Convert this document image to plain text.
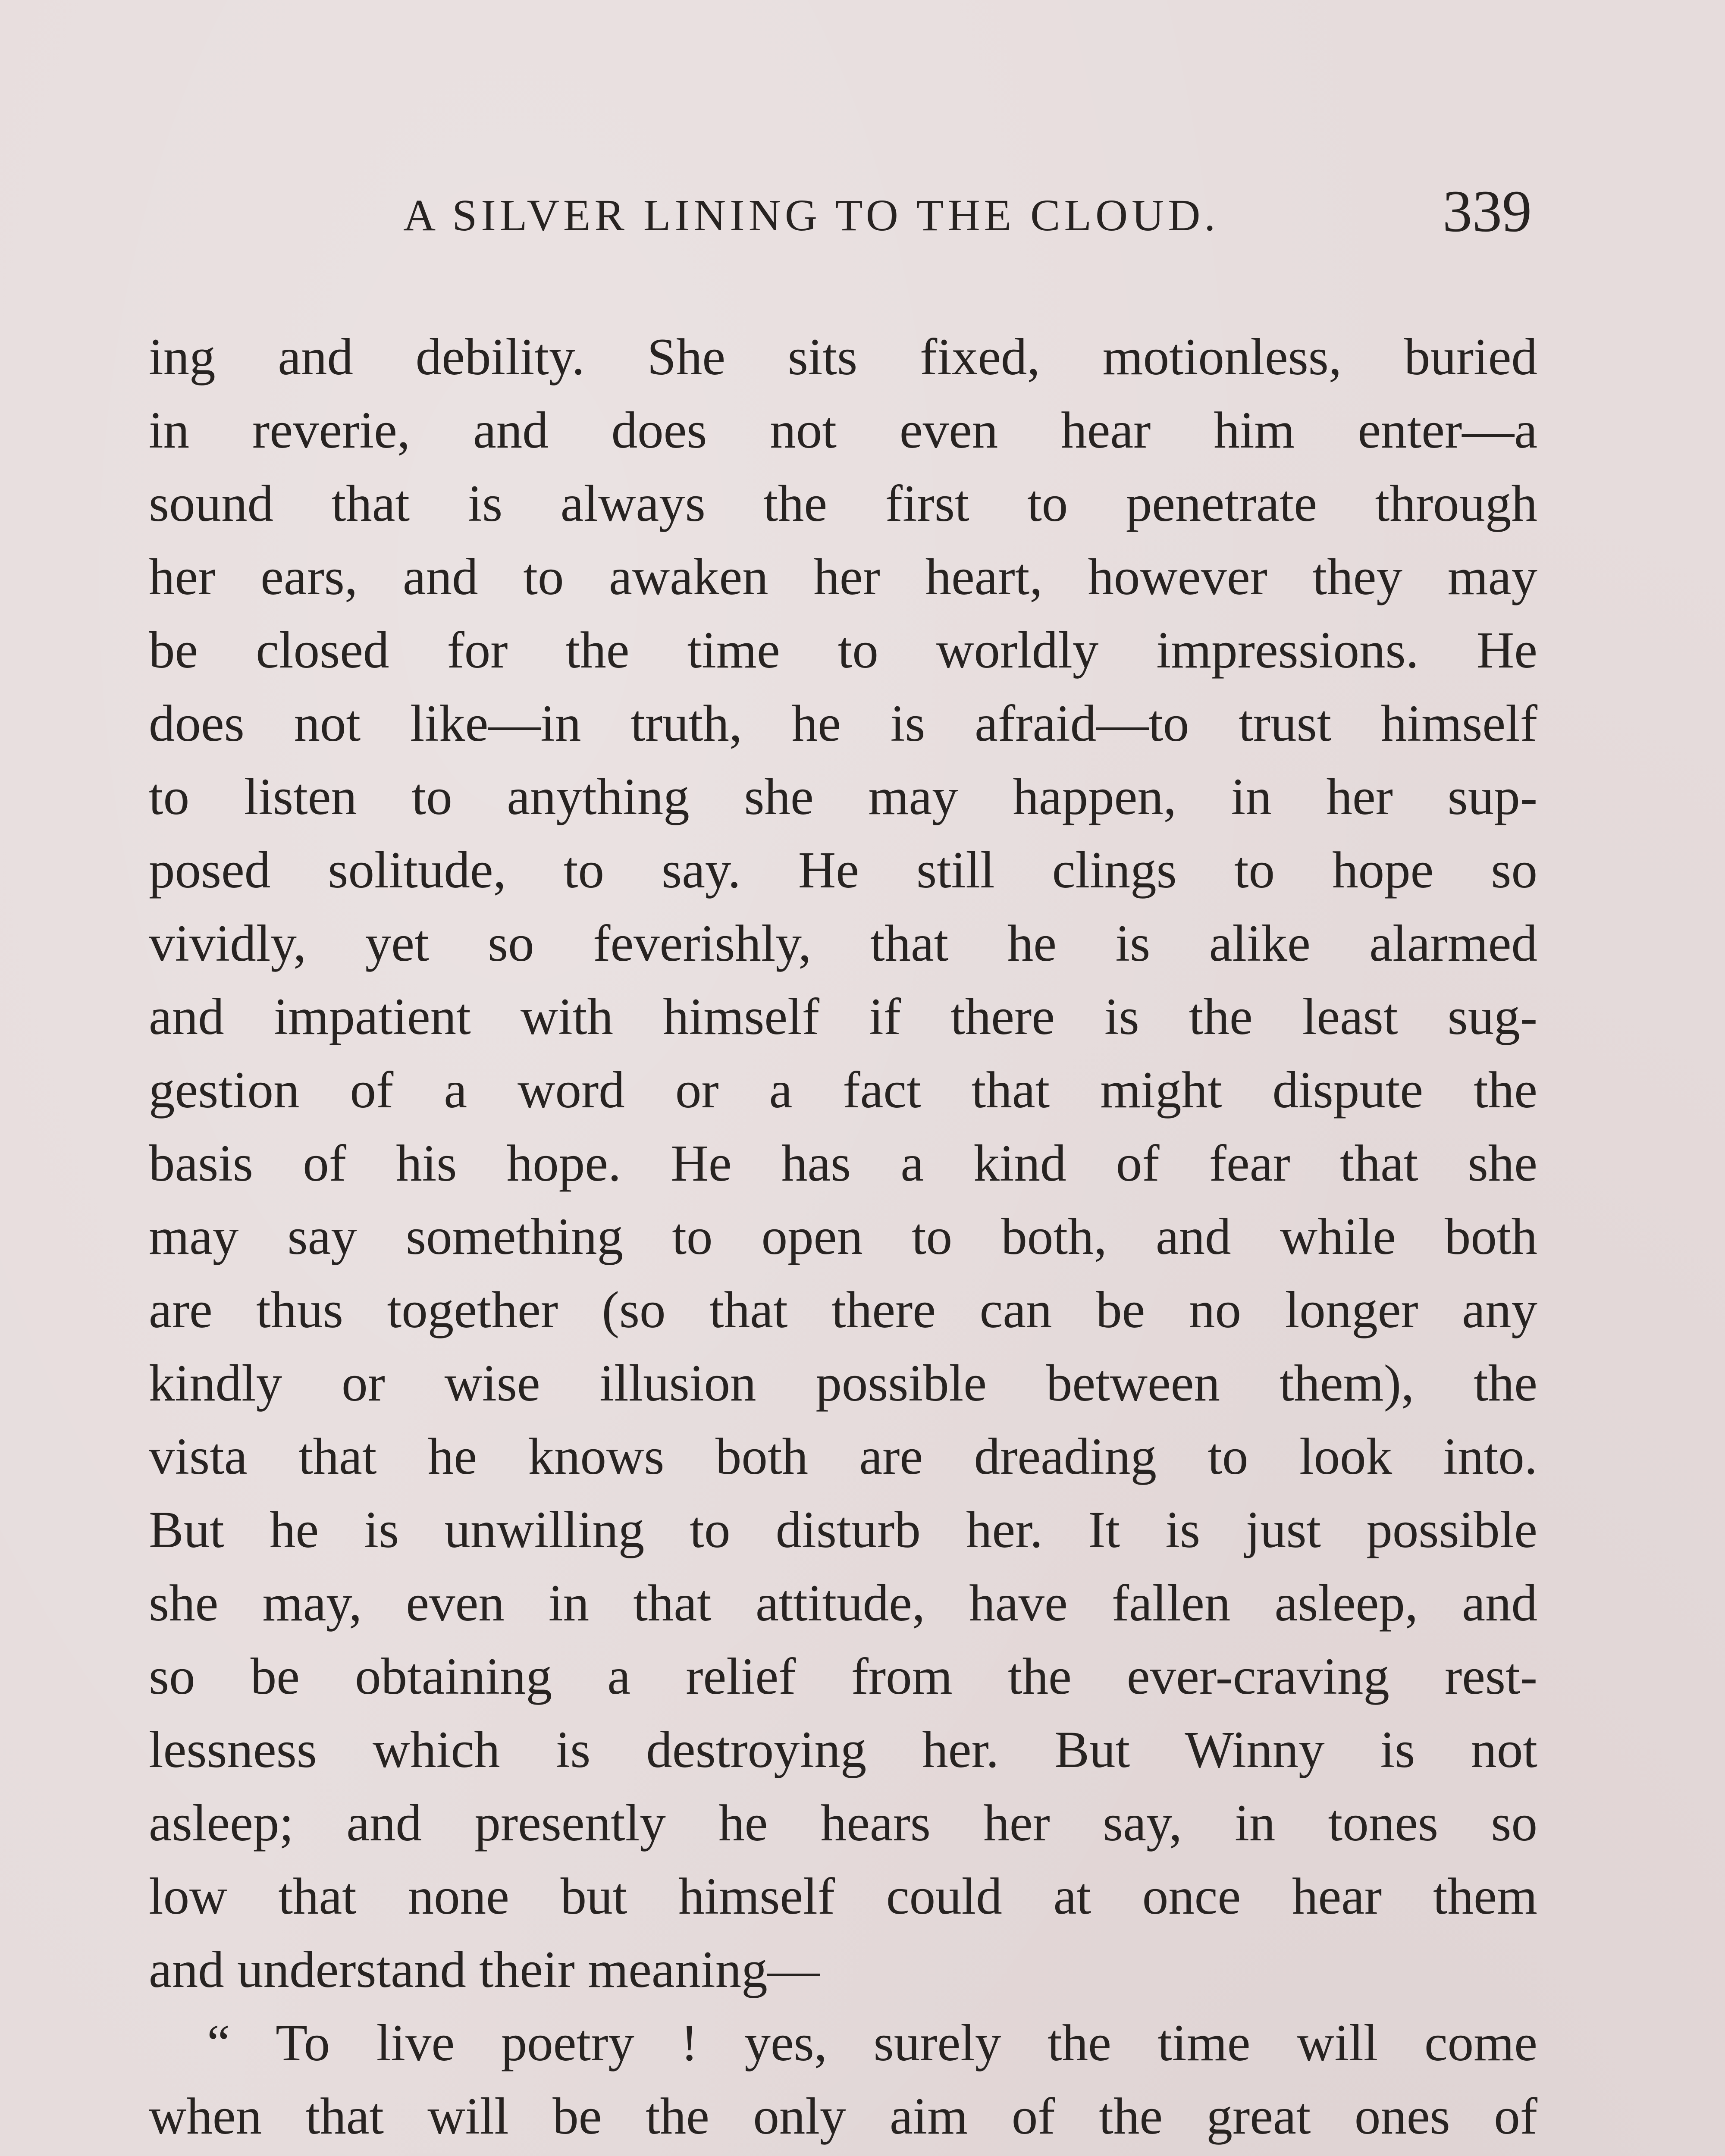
A SILVER LINING TO THE CLOUD.	339
ing and debility. She sits fixed, motionless, buried
in reverie, and does not even hear him enter—a
sound that is always the first to penetrate through
her ears, and to awaken her heart, however they may
be closed for the time to worldly impressions. He
does not like—in truth, he is afraid—to trust himself
to listen to anything she may happen, in her sup-
posed solitude, to say. He still clings to hope so
vividly, yet so feverishly, that he is alike alarmed
and impatient with himself if there is the least sug-
gestion of a word or a fact that might dispute the
basis of his hope. He has a kind of fear that she
may say something to open to both, and while both
are thus together (so that there can be no longer any
kindly or wise illusion possible between them), the
vista that he knows both are dreading to look into.
But he is unwilling to disturb her. It is just possible
she may, even in that attitude, have fallen asleep, and
so be obtaining a relief from the ever-craving rest-
lessness which is destroying her. But Winny is not
asleep; and presently he hears her say, in tones so
low that none but himself could at once hear them
and understand their meaning—
“ To live poetry ! yes, surely the time will come
when that will be the only aim of the great ones of
